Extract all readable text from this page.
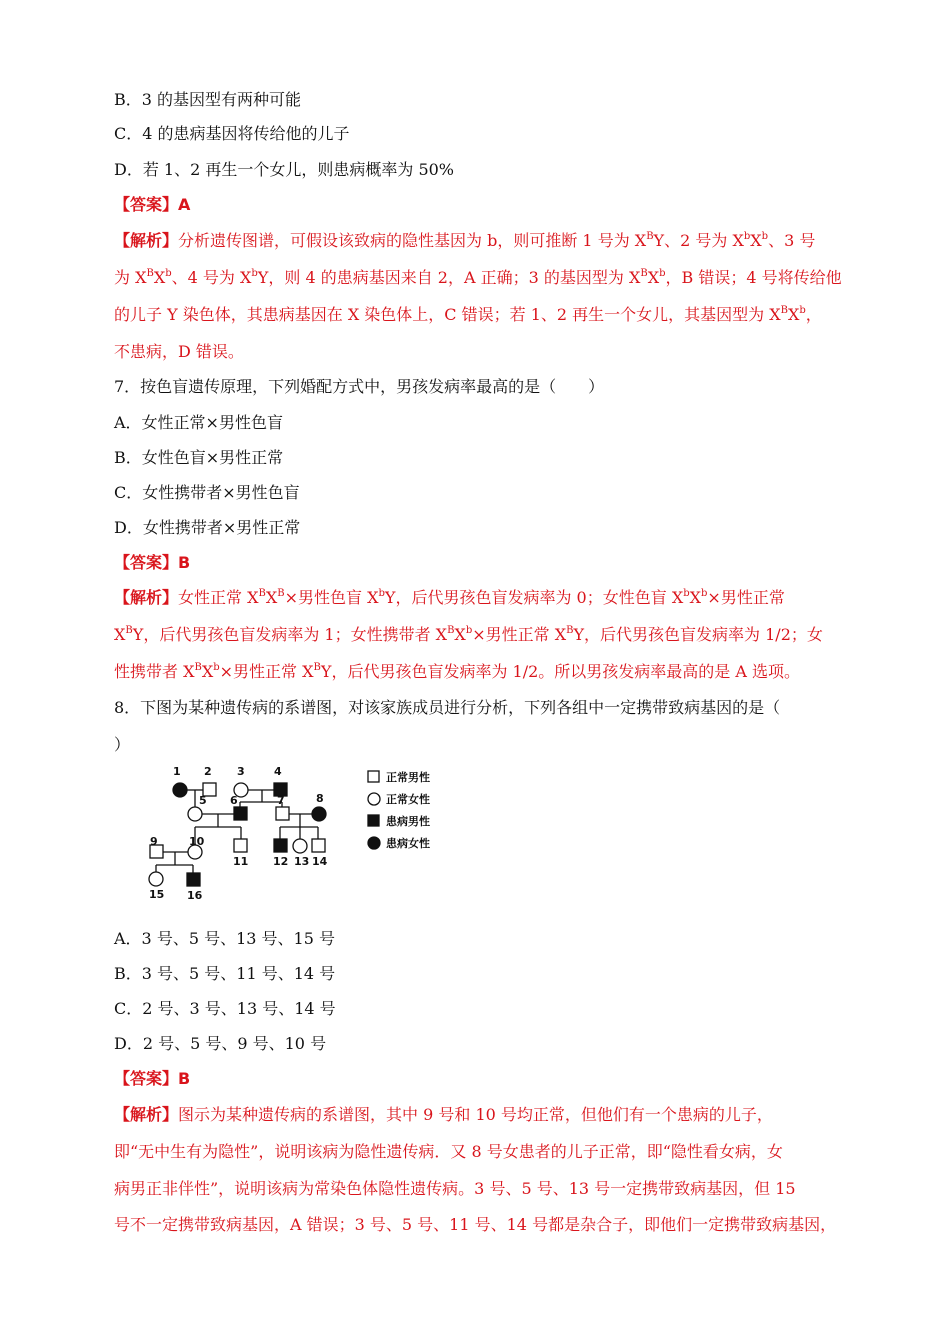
B．3 的基因型有两种可能
C．4 的患病基因将传给他的儿子
D．若 1、2 再生一个女儿，则患病概率为 50%
【答案】A
【解析】分析遗传图谱，可假设该致病的隐性基因为 b，则可推断 1 号为 $X^BY$、2 号为 $X^bX^b$、3 号
为 $X^BX^b$、4 号为 $X^bY$，则 4 的患病基因来自 2，A 正确；3 的基因型为 $X^BX^b$，B 错误；4 号将传给他
的儿子 Y 染色体，其患病基因在 X 染色体上，C 错误；若 1、2 再生一个女儿，其基因型为 $X^BX^b$，
不患病，D 错误。
7．按色盲遗传原理，下列婚配方式中，男孩发病率最高的是（　　）
A．女性正常×男性色盲
B．女性色盲×男性正常
C．女性携带者×男性色盲
D．女性携带者×男性正常
【答案】B
【解析】女性正常 $X^BX^B\times$男性色盲 $X^bY$，后代男孩色盲发病率为 0；女性色盲 $X^bX^b\times$男性正常
$X^BY$，后代男孩色盲发病率为 1；女性携带者 $X^BX^b\times$男性正常 $X^BY$，后代男孩色盲发病率为 1/2；女
性携带者 $X^BX^b\times$男性正常 $X^BY$，后代男孩色盲发病率为 1/2。所以男孩发病率最高的是 A 选项。
8．下图为某种遗传病的系谱图，对该家族成员进行分析，下列各组中一定携带致病基因的是（
）
1 2 3	4
5 6	7	8
9	10
11 12 13 14
15 16
正常男性
正常女性
患病男性
患病女性
A．3 号、5 号、13 号、15 号
B．3 号、5 号、11 号、14 号
C．2 号、3 号、13 号、14 号
D．2 号、5 号、9 号、10 号
【答案】B
【解析】图示为某种遗传病的系谱图，其中 9 号和 10 号均正常，但他们有一个患病的儿子，
即“无中生有为隐性”，说明该病为隐性遗传病．又 8 号女患者的儿子正常，即“隐性看女病，女
病男正非伴性”，说明该病为常染色体隐性遗传病。3 号、5 号、13 号一定携带致病基因，但 15
号不一定携带致病基因，A 错误；3 号、5 号、11 号、14 号都是杂合子，即他们一定携带致病基因，
